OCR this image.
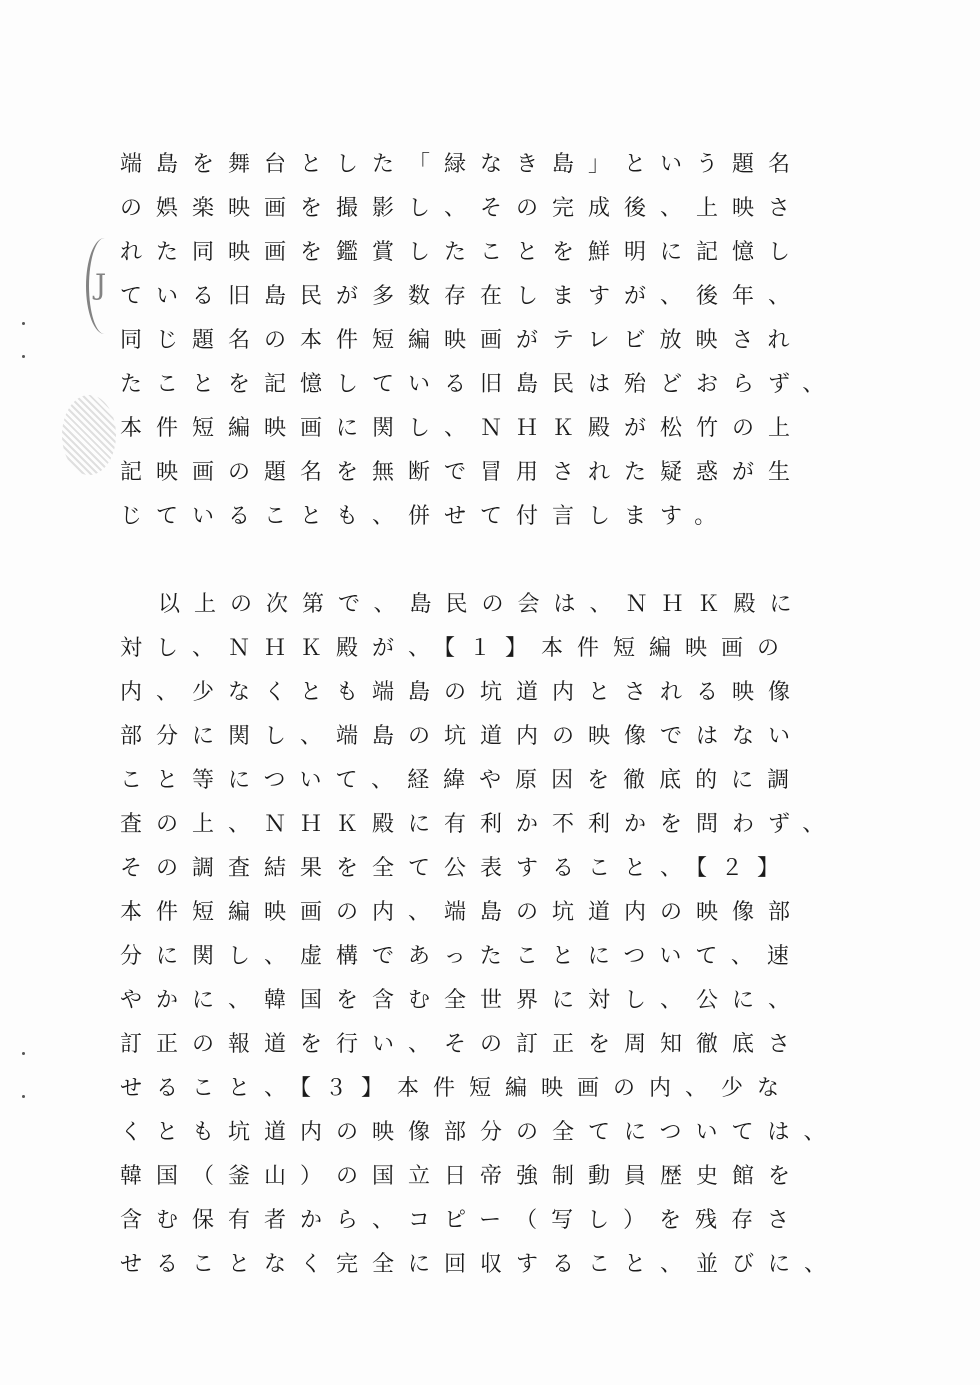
J
端島を舞台とした「緑なき島」という題名
の娯楽映画を撮影し、その完成後、上映さ
れた同映画を鑑賞したことを鮮明に記憶し
ている旧島民が多数存在しますが、後年、
同じ題名の本件短編映画がテレビ放映され
たことを記憶している旧島民は殆どおらず、
本件短編映画に関し、ＮＨＫ殿が松竹の上
記映画の題名を無断で冒用された疑惑が生
じていることも、併せて付言します。
以上の次第で、島民の会は、ＮＨＫ殿に
対し、ＮＨＫ殿が、【１】本件短編映画の
内、少なくとも端島の坑道内とされる映像
部分に関し、端島の坑道内の映像ではない
こと等について、経緯や原因を徹底的に調
査の上、ＮＨＫ殿に有利か不利かを問わず、
その調査結果を全て公表すること、【２】
本件短編映画の内、端島の坑道内の映像部
分に関し、虚構であったことについて、速
やかに、韓国を含む全世界に対し、公に、
訂正の報道を行い、その訂正を周知徹底さ
せること、【３】本件短編映画の内、少な
くとも坑道内の映像部分の全てについては、
韓国（釜山）の国立日帝強制動員歴史館を
含む保有者から、コピー（写し）を残存さ
せることなく完全に回収すること、並びに、
